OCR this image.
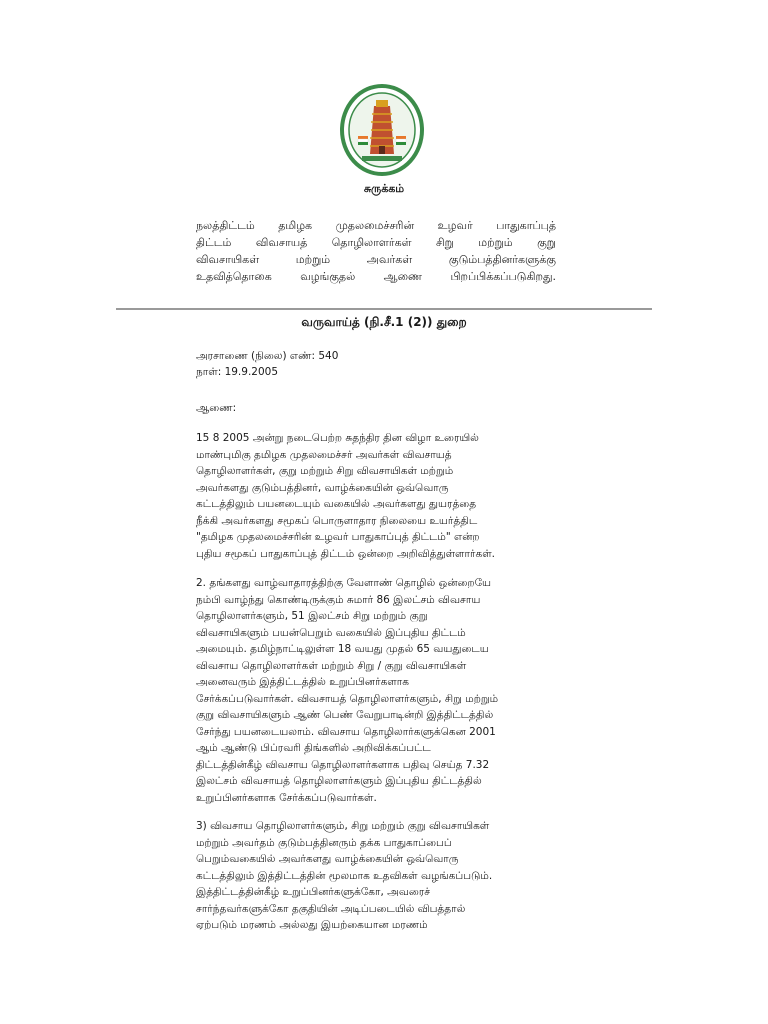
சுருக்கம்
நலத்திட்டம் தமிழக முதலமைச்சரின் உழவர் பாதுகாப்புத்
திட்டம் விவசாயத் தொழிலாளர்கள் சிறு மற்றும் குறு
விவசாயிகள் மற்றும் அவர்கள் குடும்பத்தினர்களுக்கு
உதவித்தொகை வழங்குதல் ஆணை பிறப்பிக்கப்படுகிறது.
வருவாய்த் (நி.சீ.1 (2)) துறை
அரசாணை (நிலை) எண்: 540
நாள்: 19.9.2005
ஆணை:
15 8 2005 அன்று நடைபெற்ற சுதந்திர தின விழா உரையில்
மாண்புமிகு தமிழக முதலமைச்சர் அவர்கள் விவசாயத்
தொழிலாளர்கள், குறு மற்றும் சிறு விவசாயிகள் மற்றும்
அவர்களது குடும்பத்தினர், வாழ்க்கையின் ஒவ்வொரு
கட்டத்திலும் பயனடையும் வகையில் அவர்களது துயரத்தை
நீக்கி அவர்களது சமூகப் பொருளாதார நிலையை உயர்த்திட
"தமிழக முதலமைச்சரின் உழவர் பாதுகாப்புத் திட்டம்" என்ற
புதிய சமூகப் பாதுகாப்புத் திட்டம் ஒன்றை அறிவித்துள்ளார்கள்.
2. தங்களது வாழ்வாதாரத்திற்கு வேளாண் தொழில் ஒன்றையே
நம்பி வாழ்ந்து கொண்டிருக்கும் சுமார் 86 இலட்சம் விவசாய
தொழிலாளர்களும், 51 இலட்சம் சிறு மற்றும் குறு
விவசாயிகளும் பயன்பெறும் வகையில் இப்புதிய திட்டம்
அமையும். தமிழ்நாட்டிலுள்ள 18 வயது முதல் 65 வயதுடைய
விவசாய தொழிலாளர்கள் மற்றும் சிறு / குறு விவசாயிகள்
அனைவரும் இத்திட்டத்தில் உறுப்பினர்களாக
சேர்க்கப்படுவார்கள். விவசாயத் தொழிலாளர்களும், சிறு மற்றும்
குறு விவசாயிகளும் ஆண் பெண் வேறுபாடின்றி இத்திட்டத்தில்
சேர்ந்து பயனடையலாம். விவசாய தொழிலார்களுக்கென 2001
ஆம் ஆண்டு பிப்ரவரி திங்களில் அறிவிக்கப்பட்ட
திட்டத்தின்கீழ் விவசாய தொழிலாளர்களாக பதிவு செய்த 7.32
இலட்சம் விவசாயத் தொழிலாளர்களும் இப்புதிய திட்டத்தில்
உறுப்பினர்களாக சேர்க்கப்படுவார்கள்.
3) விவசாய தொழிலாளர்களும், சிறு மற்றும் குறு விவசாயிகள்
மற்றும் அவர்தம் குடும்பத்தினரும் தக்க பாதுகாப்பைப்
பெறும்வகையில் அவர்களது வாழ்க்கையின் ஒவ்வொரு
கட்டத்திலும் இத்திட்டத்தின் மூலமாக உதவிகள் வழங்கப்படும்.
இத்திட்டத்தின்கீழ் உறுப்பினர்களுக்கோ, அவரைச்
சார்ந்தவர்களுக்கோ தகுதியின் அடிப்படையில் விபத்தால்
ஏற்படும் மரணம் அல்லது இயற்கையான மரணம்
